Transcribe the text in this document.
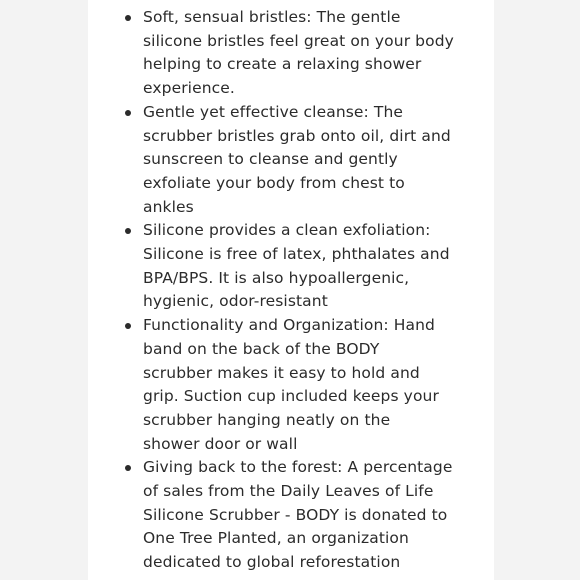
Soft, sensual bristles: The gentle
silicone bristles feel great on your body
helping to create a relaxing shower
experience.
Gentle yet effective cleanse: The
scrubber bristles grab onto oil, dirt and
sunscreen to cleanse and gently
exfoliate your body from chest to
ankles
Silicone provides a clean exfoliation:
Silicone is free of latex, phthalates and
BPA/BPS. It is also hypoallergenic,
hygienic, odor-resistant
Functionality and Organization: Hand
band on the back of the BODY
scrubber makes it easy to hold and
grip. Suction cup included keeps your
scrubber hanging neatly on the
shower door or wall
Giving back to the forest: A percentage
of sales from the Daily Leaves of Life
Silicone Scrubber - BODY is donated to
One Tree Planted, an organization
dedicated to global reforestation
